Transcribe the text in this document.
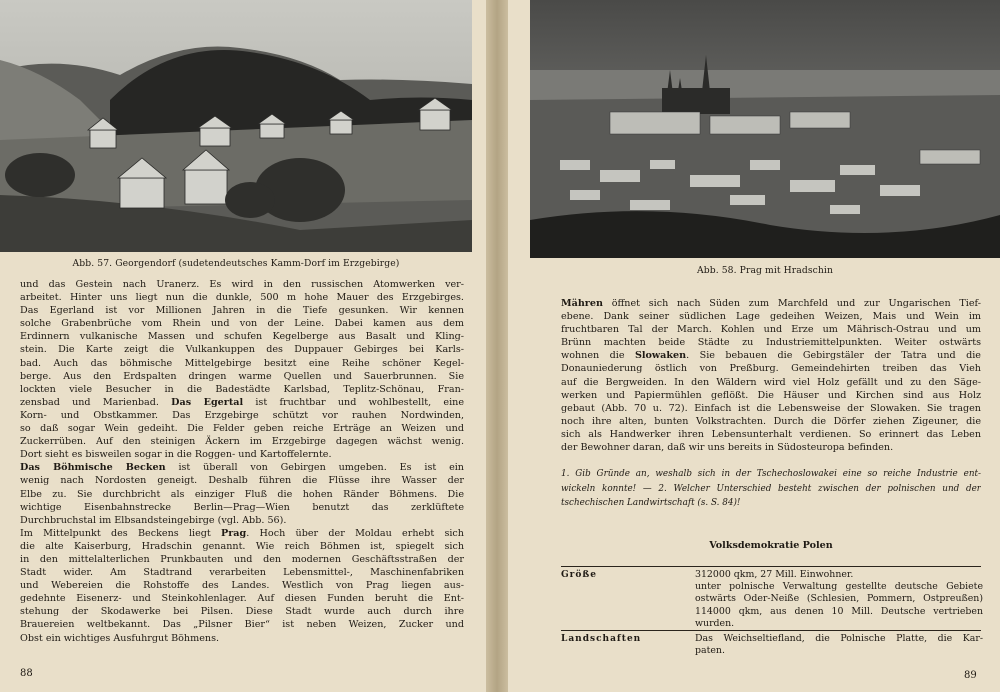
Abb. 57. Georgendorf (sudetendeutsches Kamm-Dorf im Erzgebirge)
und das Gestein nach Uranerz. Es wird in den russischen Atomwerken ver-
arbeitet. Hinter uns liegt nun die dunkle, 500 m hohe Mauer des Erzgebirges.
Das Egerland ist vor Millionen Jahren in die Tiefe gesunken. Wir kennen
solche Grabenbrüche vom Rhein und von der Leine. Dabei kamen aus dem
Erdinnern vulkanische Massen und schufen Kegelberge aus Basalt und Kling-
stein. Die Karte zeigt die Vulkankuppen des Duppauer Gebirges bei Karls-
bad. Auch das böhmische Mittelgebirge besitzt eine Reihe schöner Kegel-
berge. Aus den Erdspalten dringen warme Quellen und Sauerbrunnen. Sie
lockten viele Besucher in die Badestädte Karlsbad, Teplitz-Schönau, Fran-
zensbad und Marienbad. Das Egertal ist fruchtbar und wohlbestellt, eine
Korn- und Obstkammer. Das Erzgebirge schützt vor rauhen Nordwinden,
so daß sogar Wein gedeiht. Die Felder geben reiche Erträge an Weizen und
Zuckerrüben. Auf den steinigen Äckern im Erzgebirge dagegen wächst wenig.
Dort sieht es bisweilen sogar in die Roggen- und Kartoffelernte.
Das Böhmische Becken ist überall von Gebirgen umgeben. Es ist ein
wenig nach Nordosten geneigt. Deshalb führen die Flüsse ihre Wasser der
Elbe zu. Sie durchbricht als einziger Fluß die hohen Ränder Böhmens. Die
wichtige Eisenbahnstrecke Berlin—Prag—Wien benutzt das zerklüftete
Durchbruchstal im Elbsandsteingebirge (vgl. Abb. 56).
Im Mittelpunkt des Beckens liegt Prag. Hoch über der Moldau erhebt sich
die alte Kaiserburg, Hradschin genannt. Wie reich Böhmen ist, spiegelt sich
in den mittelalterlichen Prunkbauten und den modernen Geschäftsstraßen der
Stadt wider. Am Stadtrand verarbeiten Lebensmittel-, Maschinenfabriken
und Webereien die Rohstoffe des Landes. Westlich von Prag liegen aus-
gedehnte Eisenerz- und Steinkohlenlager. Auf diesen Funden beruht die Ent-
stehung der Skodawerke bei Pilsen. Diese Stadt wurde auch durch ihre
Brauereien weltbekannt. Das „Pilsner Bier“ ist neben Weizen, Zucker und
Obst ein wichtiges Ausfuhrgut Böhmens.
88
Abb. 58. Prag mit Hradschin
Mähren öffnet sich nach Süden zum Marchfeld und zur Ungarischen Tief-
ebene. Dank seiner südlichen Lage gedeihen Weizen, Mais und Wein im
fruchtbaren Tal der March. Kohlen und Erze um Mährisch-Ostrau und um
Brünn machten beide Städte zu Industriemittelpunkten. Weiter ostwärts
wohnen die Slowaken. Sie bebauen die Gebirgstäler der Tatra und die
Donauniederung östlich von Preßburg. Gemeindehirten treiben das Vieh
auf die Bergweiden. In den Wäldern wird viel Holz gefällt und zu den Säge-
werken und Papiermühlen geflößt. Die Häuser und Kirchen sind aus Holz
gebaut (Abb. 70 u. 72). Einfach ist die Lebensweise der Slowaken. Sie tragen
noch ihre alten, bunten Volkstrachten. Durch die Dörfer ziehen Zigeuner, die
sich als Handwerker ihren Lebensunterhalt verdienen. So erinnert das Leben
der Bewohner daran, daß wir uns bereits in Südosteuropa befinden.
1. Gib Gründe an, weshalb sich in der Tschechoslowakei eine so reiche Industrie ent-
wickeln konnte! — 2. Welcher Unterschied besteht zwischen der polnischen und der
tschechischen Landwirtschaft (s. S. 84)!
Volksdemokratie Polen
Größe	312000 qkm, 27 Mill. Einwohner.
unter polnische Verwaltung gestellte deutsche Gebiete
ostwärts Oder-Neiße (Schlesien, Pommern, Ostpreußen)
114000 qkm, aus denen 10 Mill. Deutsche vertrieben
wurden.
Landschaften	Das Weichseltiefland, die Polnische Platte, die Kar-
paten.
89
